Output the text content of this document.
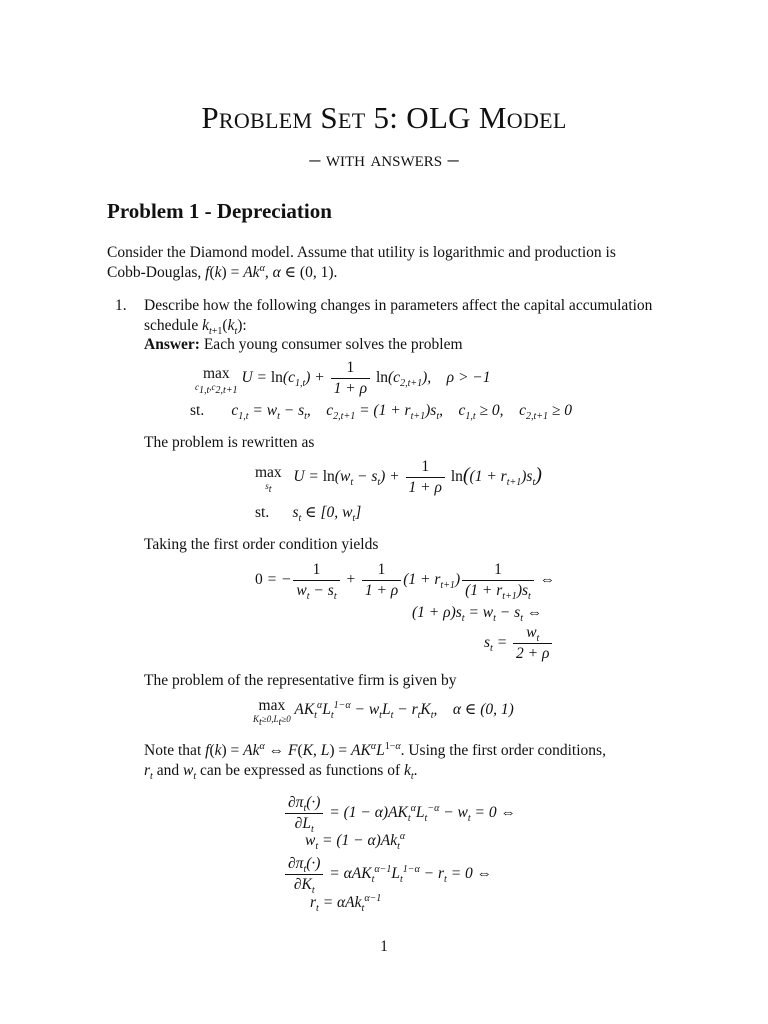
Problem Set 5: OLG Model
– with answers –
Problem 1 - Depreciation
Consider the Diamond model. Assume that utility is logarithmic and production is
Cobb-Douglas, $f(k) = Ak^\alpha$, α ∈ (0, 1).
1. Describe how the following changes in parameters affect the capital accumulation
schedule $k_{t+1}(k_t)$:
Answer: Each young consumer solves the problem
max
$c_{1,t},c_{2,t+1}$
$U = \ln(c_{1,t}) + \frac{1}{1 + \rho} \ln(c_{2,t+1})$,    ρ > −1
st. $c_{1,t} = w_t - s_t$,    $c_{2,t+1} = (1 + r_{t+1})s_t$,    $c_{1,t} \ge 0$,    $c_{2,t+1} \ge 0$
The problem is rewritten as
max
$s_t$
$U = \ln(w_t - s_t) + \frac{1}{1 + \rho} \ln((1 + r_{t+1})s_t)$
st. $s_t$ ∈ [0, $w_t$]
Taking the first order condition yields
0 = − $\frac{1}{w_t - s_t} + \frac{1}{1 + \rho} (1 + r_{t+1}) \frac{1}{(1 + r_{t+1})s_t}$ ⇔
$(1 + \rho)s_t = w_t - s_t$ ⇔
$s_t = \frac{w_t}{2 + \rho}$
The problem of the representative firm is given by
max
$K_t\ge 0,L_t\ge 0$
$AK_t^\alpha L_t^{1-\alpha} - w_tL_t - r_tK_t$,    α ∈ (0, 1)
Note that $f(k) = Ak^\alpha$ ⇔ F(K, $L) = AK^\alpha L^{1-\alpha}$. Using the first order conditions,
$r_t$ and $w_t$ can be expressed as functions of $k_t$.
$\frac{\partial\pi_t(\cdot)}{\partial L_t} = (1 - \alpha)AK_t^\alpha L_t^{-\alpha} - w_t = 0$ ⇔
$w_t = (1 - \alpha)Ak_t^\alpha$
$\frac{\partial\pi_t(\cdot)}{\partial K_t} = \alpha AK_t^{\alpha-1}L_t^{1-\alpha} - r_t = 0$ ⇔
$r_t = \alpha Ak_t^{\alpha-1}$
1
